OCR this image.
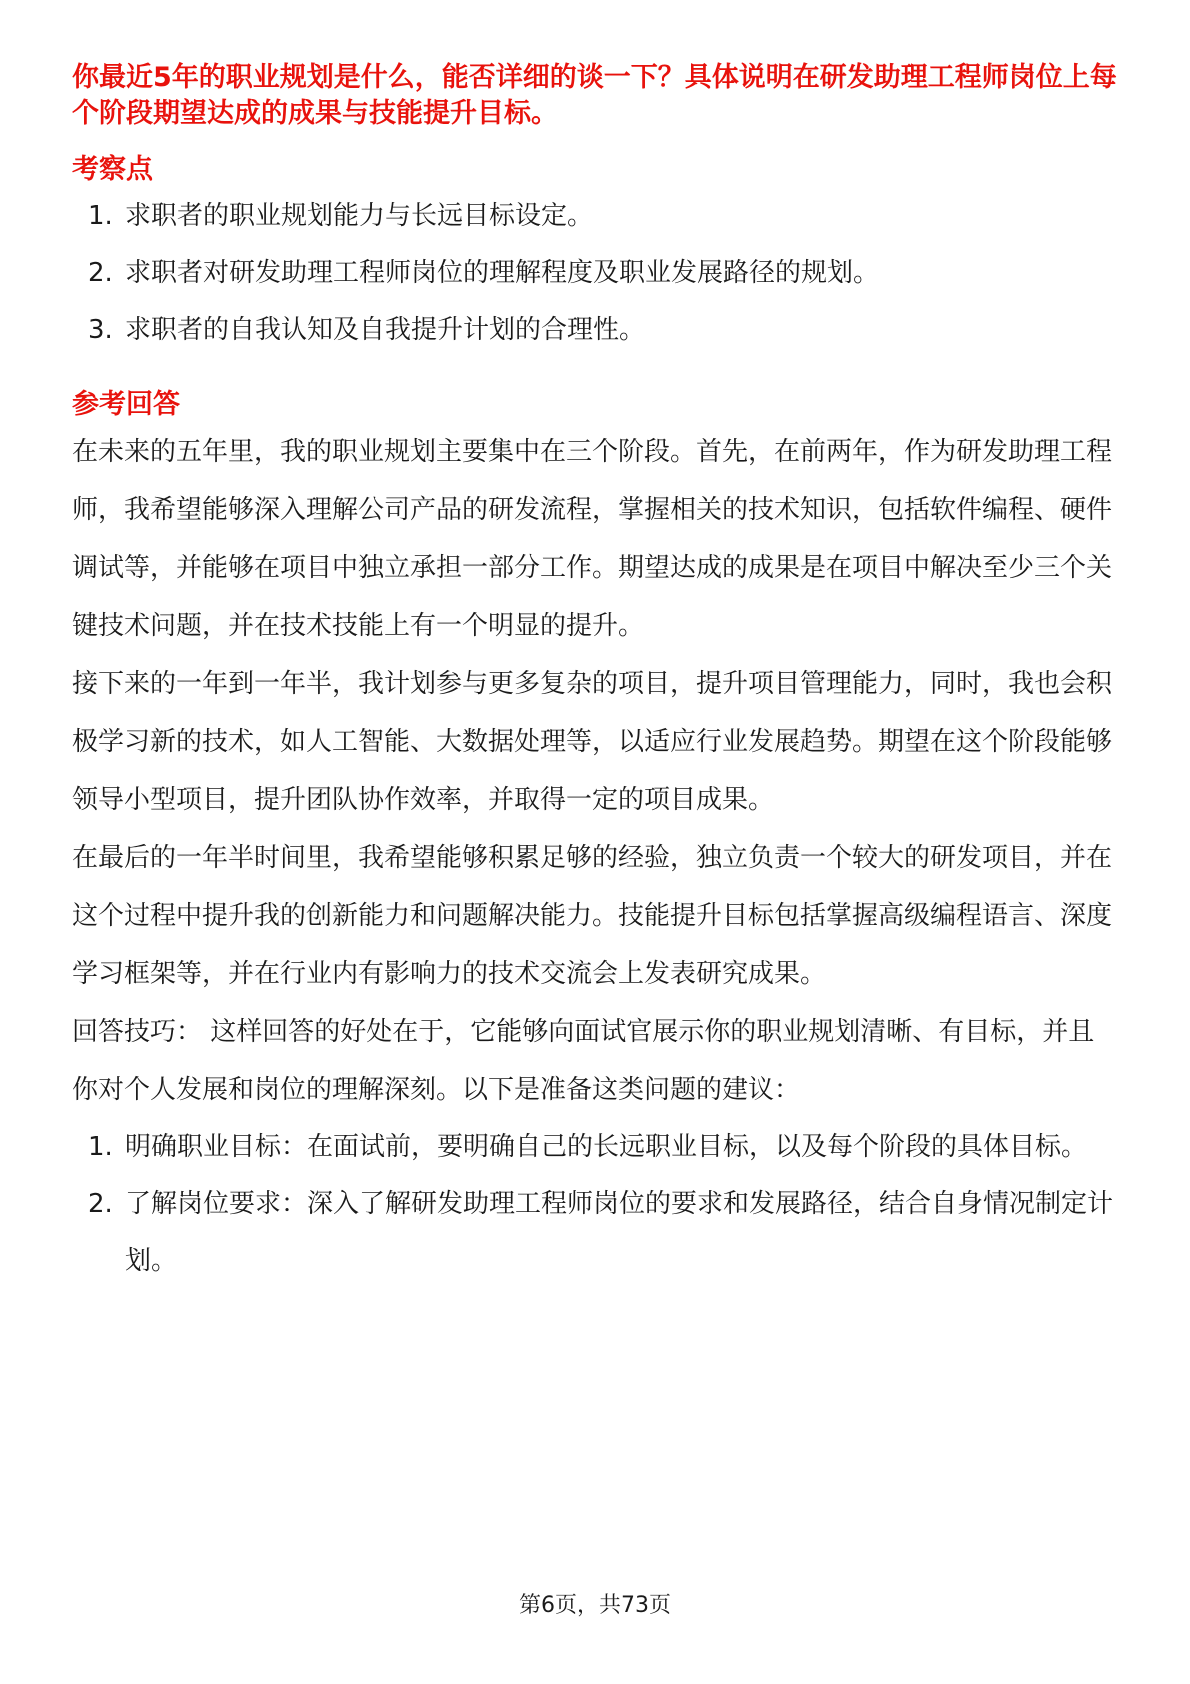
你最近5年的职业规划是什么，能否详细的谈一下？具体说明在研发助理工程师岗位上每个阶段期望达成的成果与技能提升目标。
考察点
1. 求职者的职业规划能力与长远目标设定。
2. 求职者对研发助理工程师岗位的理解程度及职业发展路径的规划。
3. 求职者的自我认知及自我提升计划的合理性。
参考回答

在未来的五年里，我的职业规划主要集中在三个阶段。首先，在前两年，作为研发助理工程师，我希望能够深入理解公司产品的研发流程，掌握相关的技术知识，包括软件编程、硬件调试等，并能够在项目中独立承担一部分工作。期望达成的成果是在项目中解决至少三个关键技术问题，并在技术技能上有一个明显的提升。

接下来的一年到一年半，我计划参与更多复杂的项目，提升项目管理能力，同时，我也会积极学习新的技术，如人工智能、大数据处理等，以适应行业发展趋势。期望在这个阶段能够领导小型项目，提升团队协作效率，并取得一定的项目成果。

在最后的一年半时间里，我希望能够积累足够的经验，独立负责一个较大的研发项目，并在这个过程中提升我的创新能力和问题解决能力。技能提升目标包括掌握高级编程语言、深度学习框架等，并在行业内有影响力的技术交流会上发表研究成果。

回答技巧： 这样回答的好处在于，它能够向面试官展示你的职业规划清晰、有目标，并且你对个人发展和岗位的理解深刻。以下是准备这类问题的建议：

1. 明确职业目标：在面试前，要明确自己的长远职业目标，以及每个阶段的具体目标。
2. 了解岗位要求：深入了解研发助理工程师岗位的要求和发展路径，结合自身情况制定计划。
第6页，共73页
